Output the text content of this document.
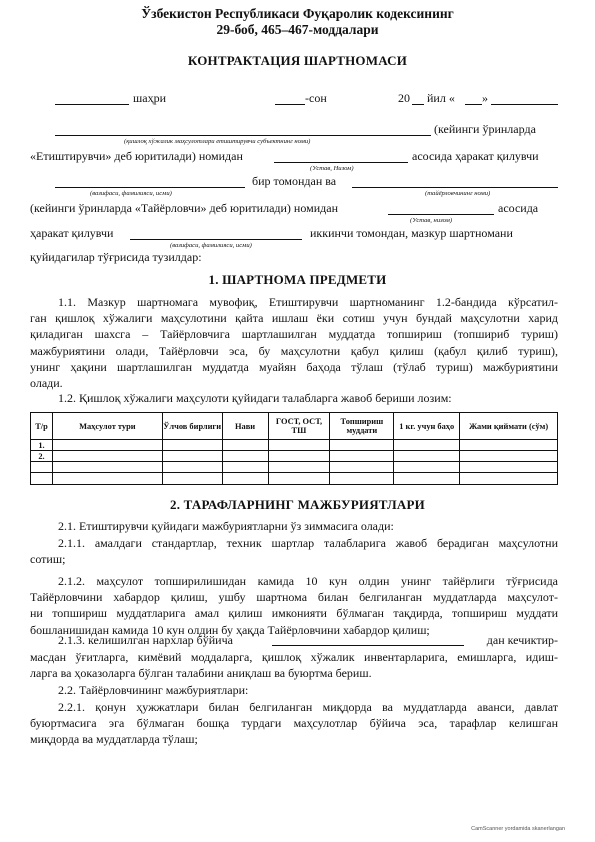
Ўзбекистон Республикаси Фуқаролик кодексининг
29-боб, 465–467-моддалари
КОНТРАКТАЦИЯ ШАРТНОМАСИ
шаҳри	-сон	20 йил « »
(кейинги ўринларда
(қишлоқ хўжалик маҳсулотлари етиштирувчи субъектнинг номи)
«Етиштирувчи» деб юритилади) номидан	асосида ҳаракат қилувчи
(Устав, Низом)
бир томондан ва
(вазифаси, фамилияси, исми)	(тайёрловчининг номи)
(кейинги ўринларда «Тайёрловчи» деб юритилади) номидан	асосида
(Устав, низом)
ҳаракат қилувчи	иккинчи томондан, мазкур шартномани
(вазифаси, фамилияси, исми)
қуйидагилар тўғрисида тузилдар:
1. ШАРТНОМА ПРЕДМЕТИ
1.1. Мазкур шартномага мувофиқ, Етиштирувчи шартноманинг 1.2-бандида кўрсатил-
ган қишлоқ хўжалиги маҳсулотини қайта ишлаш ёки сотиш учун бундай маҳсулотни харид
қиладиган шахсга – Тайёрловчига шартлашилган муддатда топшириш (топшириб туриш)
мажбуриятини олади, Тайёрловчи эса, бу маҳсулотни қабул қилиш (қабул қилиб туриш),
унинг ҳақини шартлашилган муддатда муайян баҳода тўлаш (тўлаб туриш) мажбуриятини
олади.
1.2. Қишлоқ хўжалиги маҳсулоти қуйидаги талабларга жавоб бериши лозим:
Т/р	Маҳсулот тури	Ўлчов бирлиги	Нави	ГОСТ, ОСТ, ТШ	Топшириш муддати	1 кг. учун баҳо	Жами қиймати (сўм)
1.							
2.							

2. ТАРАФЛАРНИНГ МАЖБУРИЯТЛАРИ
2.1. Етиштирувчи қуйидаги мажбуриятларни ўз зиммасига олади:
2.1.1. амалдаги стандартлар, техник шартлар талабларига жавоб берадиган маҳсулотни
сотиш;
2.1.2. маҳсулот топширилишидан камида 10 кун олдин унинг тайёрлиги тўғрисида
Тайёрловчини хабардор қилиш, ушбу шартнома билан белгиланган муддатларда маҳсулот-
ни топшириш муддатларига амал қилиш имконияти бўлмаган тақдирда, топшириш муддати
бошланишидан камида 10 кун олдин бу ҳақда Тайёрловчини хабардор қилиш;
2.1.3. келишилган нархлар бўйича	дан кечиктир-
масдан ўғитларга, кимёвий моддаларга, қишлоқ хўжалик инвентарларига, емишларга, идиш-
ларга ва ҳоказоларга бўлган талабини аниқлаш ва буюртма бериш.
2.2. Тайёрловчининг мажбуриятлари:
2.2.1. қонун ҳужжатлари билан белгиланган миқдорда ва муддатларда аванси, давлат
буюртмасига эга бўлмаган бошқа турдаги маҳсулотлар бўйича эса, тарафлар келишган
миқдорда ва муддатларда тўлаш;
CamScanner yordamida skanerlangan
